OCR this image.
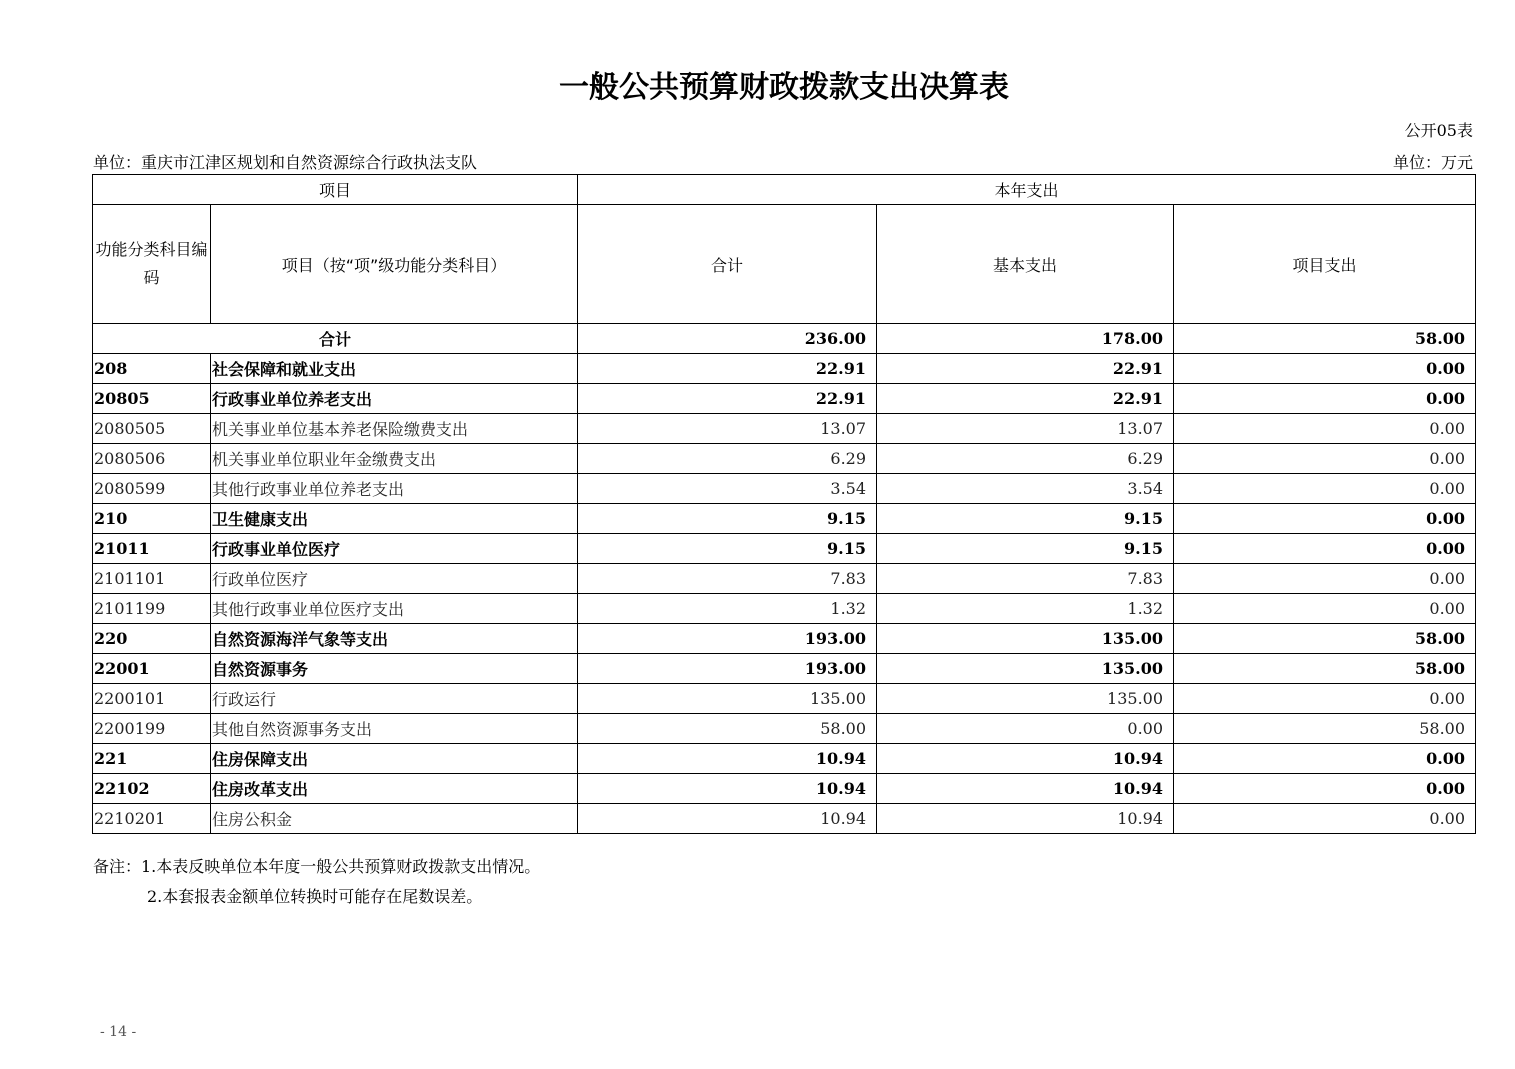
一般公共预算财政拨款支出决算表
公开05表
单位：重庆市江津区规划和自然资源综合行政执法支队	单位：万元
项目		本年支出		
功能分类科目编码	项目（按“项”级功能分类科目）	合计	基本支出	项目支出
合计		236.00	178.00	58.00
208	社会保障和就业支出	22.91	22.91	0.00
20805	行政事业单位养老支出	22.91	22.91	0.00
2080505	机关事业单位基本养老保险缴费支出	13.07	13.07	0.00
2080506	机关事业单位职业年金缴费支出	6.29	6.29	0.00
2080599	其他行政事业单位养老支出	3.54	3.54	0.00
210	卫生健康支出	9.15	9.15	0.00
21011	行政事业单位医疗	9.15	9.15	0.00
2101101	行政单位医疗	7.83	7.83	0.00
2101199	其他行政事业单位医疗支出	1.32	1.32	0.00
220	自然资源海洋气象等支出	193.00	135.00	58.00
22001	自然资源事务	193.00	135.00	58.00
2200101	行政运行	135.00	135.00	0.00
2200199	其他自然资源事务支出	58.00	0.00	58.00
221	住房保障支出	10.94	10.94	0.00
22102	住房改革支出	10.94	10.94	0.00
2210201	住房公积金	10.94	10.94	0.00
备注：1.本表反映单位本年度一般公共预算财政拨款支出情况。
2.本套报表金额单位转换时可能存在尾数误差。
- 14 -
